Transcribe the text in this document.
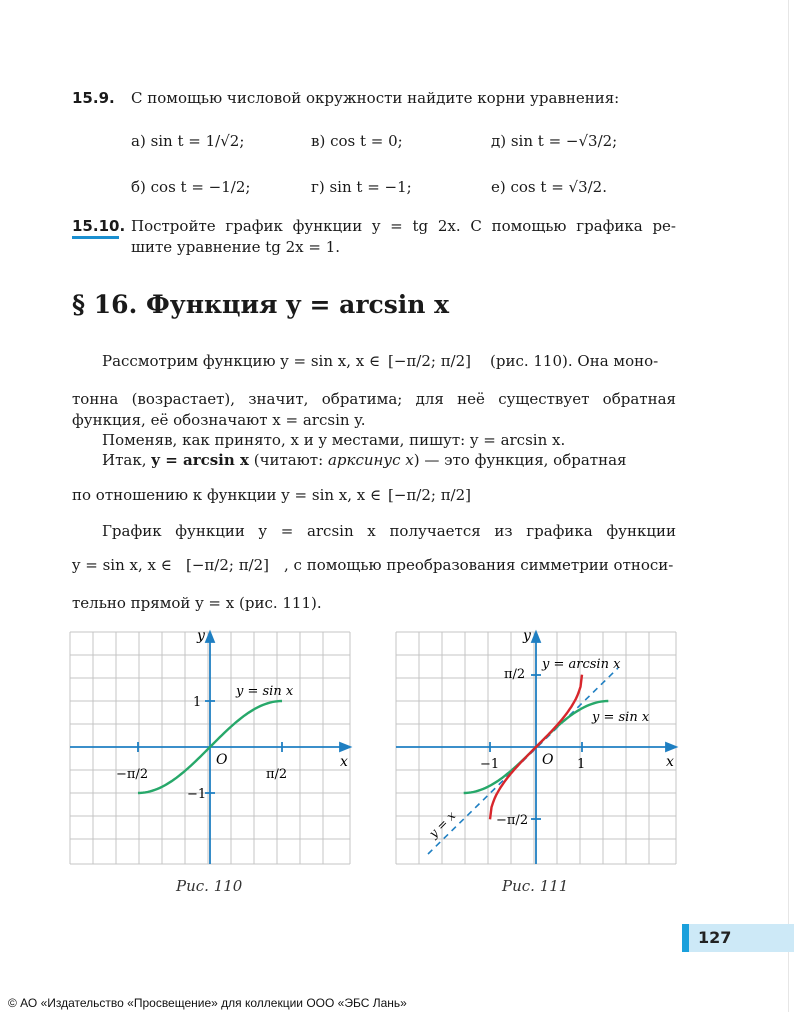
15.9. С помощью числовой окружности найдите корни уравнения:
а) sin t = 1/√2;	в) cos t = 0;	д) sin t = −√3/2;
б) cos t = −1/2;	г) sin t = −1;	е) cos t = √3/2.
15.10. Постройте график функции y = tg 2x. С помощью графика ре-
шите уравнение tg 2x = 1.
§ 16. Функция y = arcsin x
Рассмотрим функцию y = sin x, x ∈ [−π/2; π/2] (рис. 110). Она моно-
тонна (возрастает), значит, обратима; для неё существует обратная
функция, её обозначают x = arcsin y.
Поменяв, как принято, x и y местами, пишут: y = arcsin x.
Итак, y = arcsin x (читают: арксинус x) — это функция, обратная
по отношению к функции y = sin x, x ∈ [−π/2; π/2]
График функции y = arcsin x получается из графика функции
y = sin x, x ∈ [−π/2; π/2] , с помощью преобразования симметрии относи-
тельно прямой y = x (рис. 111).
y
x
O
1
−1
π/2
−π/2
y = sin x
Рис. 110
y
x
O 1
−1
π/2
−π/2
y = arcsin x
y = sin x
y = x
Рис. 111
127
© АО «Издательство «Просвещение» для коллекции ООО «ЭБС Лань»
